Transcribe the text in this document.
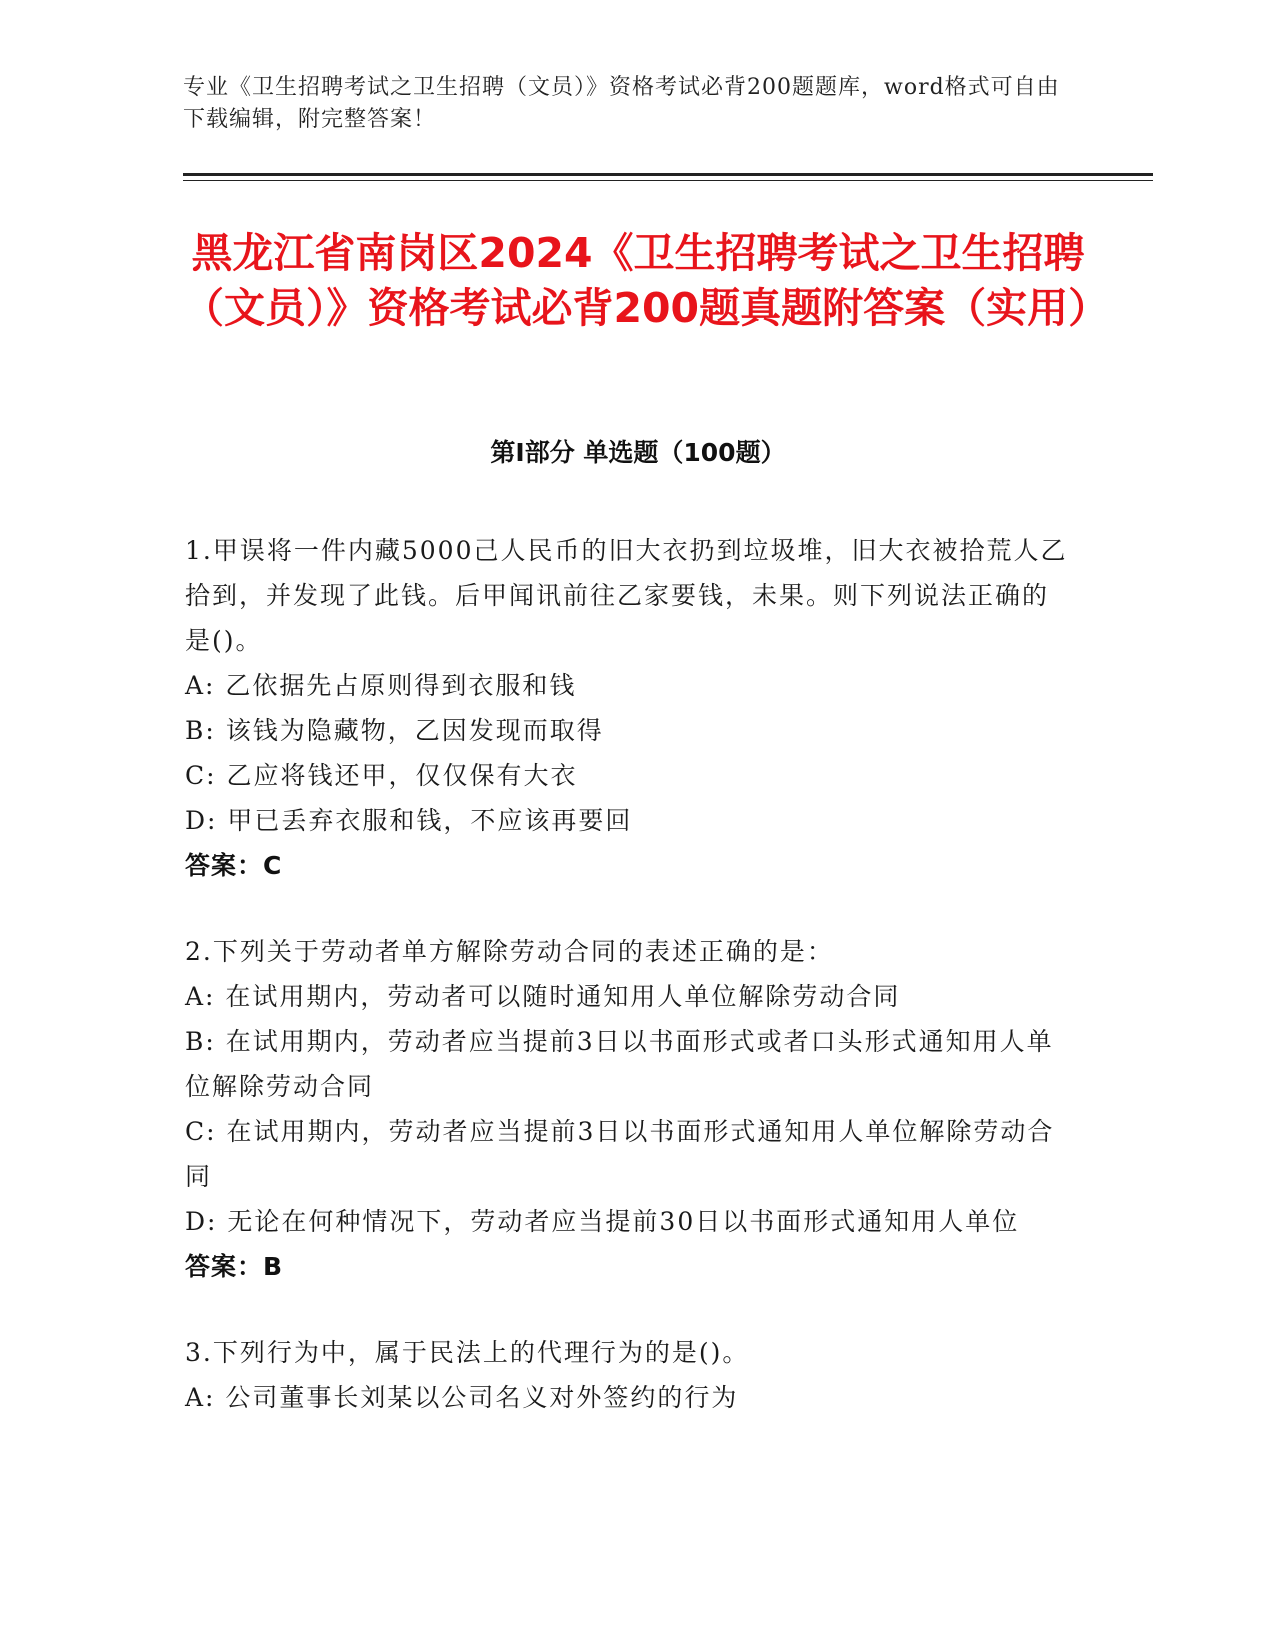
专业《卫生招聘考试之卫生招聘（文员）》资格考试必背200题题库，word格式可自由下载编辑，附完整答案！
黑龙江省南岗区2024《卫生招聘考试之卫生招聘（文员）》资格考试必背200题真题附答案（实用）
第I部分 单选题（100题）

1.甲误将一件内藏5000己人民币的旧大衣扔到垃圾堆，旧大衣被拾荒人乙拾到，并发现了此钱。后甲闻讯前往乙家要钱，未果。则下列说法正确的是()。

A: 乙依据先占原则得到衣服和钱

B: 该钱为隐藏物，乙因发现而取得

C: 乙应将钱还甲，仅仅保有大衣

D: 甲已丢弃衣服和钱，不应该再要回

答案：C

2.下列关于劳动者单方解除劳动合同的表述正确的是：

A: 在试用期内，劳动者可以随时通知用人单位解除劳动合同

B: 在试用期内，劳动者应当提前3日以书面形式或者口头形式通知用人单位解除劳动合同

C: 在试用期内，劳动者应当提前3日以书面形式通知用人单位解除劳动合同

D: 无论在何种情况下，劳动者应当提前30日以书面形式通知用人单位

答案：B

3.下列行为中，属于民法上的代理行为的是()。

A: 公司董事长刘某以公司名义对外签约的行为
